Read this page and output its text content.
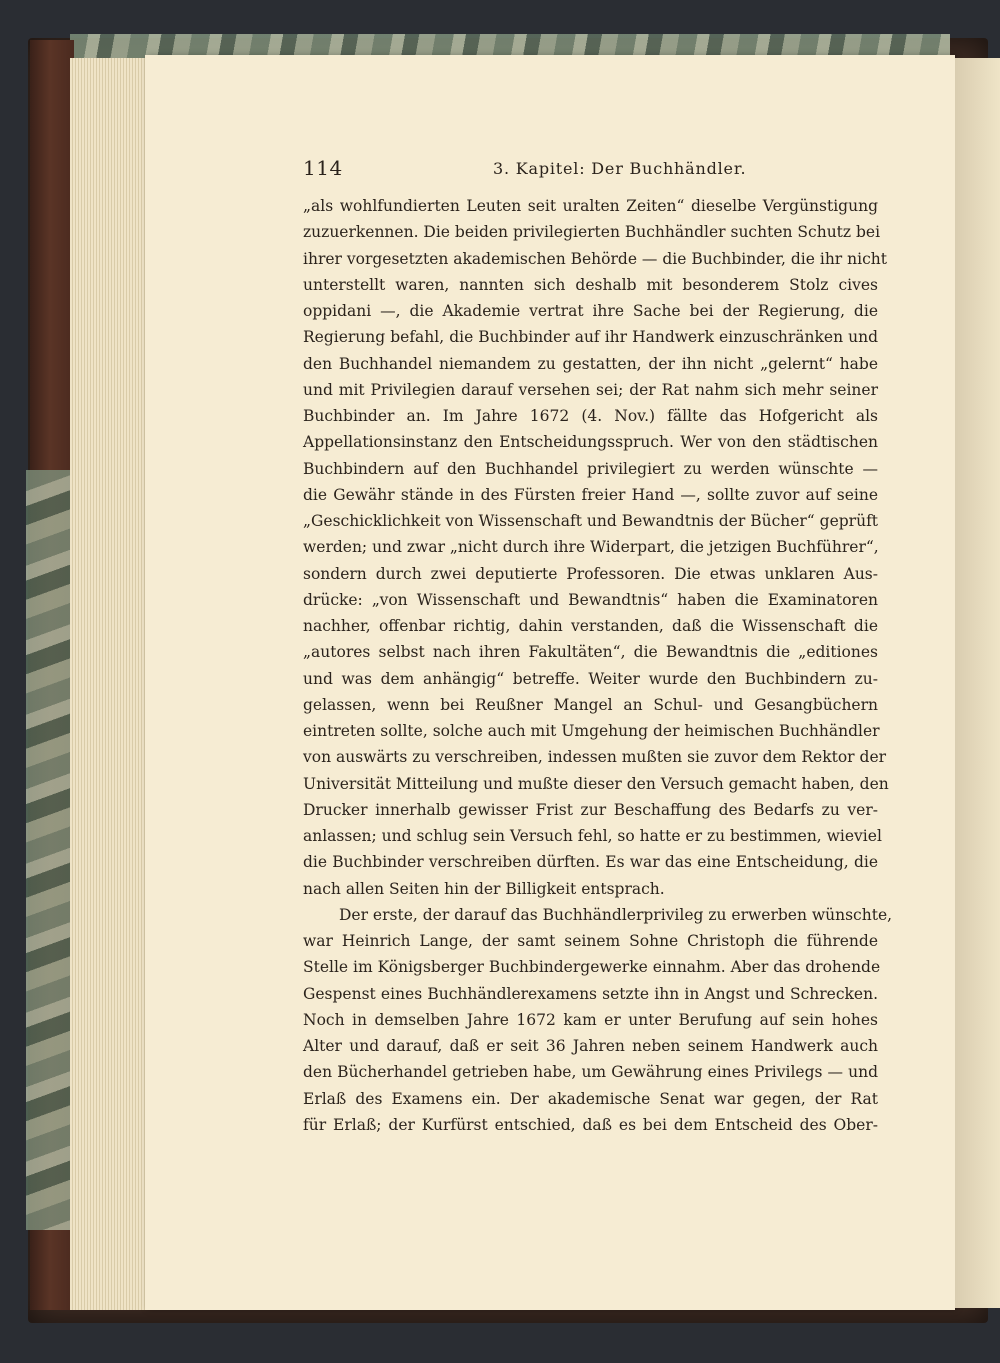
114	3. Kapitel: Der Buchhändler.
„als wohlfundierten Leuten seit uralten Zeiten“ dieselbe Vergünstigung
zuzuerkennen. Die beiden privilegierten Buchhändler suchten Schutz bei
ihrer vorgesetzten akademischen Behörde — die Buchbinder, die ihr nicht
unterstellt waren, nannten sich deshalb mit besonderem Stolz cives
oppidani —, die Akademie vertrat ihre Sache bei der Regierung, die
Regierung befahl, die Buchbinder auf ihr Handwerk einzuschränken und
den Buchhandel niemandem zu gestatten, der ihn nicht „gelernt“ habe
und mit Privilegien darauf versehen sei; der Rat nahm sich mehr seiner
Buchbinder an. Im Jahre 1672 (4. Nov.) fällte das Hofgericht als
Appellationsinstanz den Entscheidungsspruch. Wer von den städtischen
Buchbindern auf den Buchhandel privilegiert zu werden wünschte —
die Gewähr stände in des Fürsten freier Hand —, sollte zuvor auf seine
„Geschicklichkeit von Wissenschaft und Bewandtnis der Bücher“ geprüft
werden; und zwar „nicht durch ihre Widerpart, die jetzigen Buchführer“,
sondern durch zwei deputierte Professoren. Die etwas unklaren Aus-
drücke: „von Wissenschaft und Bewandtnis“ haben die Examinatoren
nachher, offenbar richtig, dahin verstanden, daß die Wissenschaft die
„autores selbst nach ihren Fakultäten“, die Bewandtnis die „editiones
und was dem anhängig“ betreffe. Weiter wurde den Buchbindern zu-
gelassen, wenn bei Reußner Mangel an Schul- und Gesangbüchern
eintreten sollte, solche auch mit Umgehung der heimischen Buchhändler
von auswärts zu verschreiben, indessen mußten sie zuvor dem Rektor der
Universität Mitteilung und mußte dieser den Versuch gemacht haben, den
Drucker innerhalb gewisser Frist zur Beschaffung des Bedarfs zu ver-
anlassen; und schlug sein Versuch fehl, so hatte er zu bestimmen, wieviel
die Buchbinder verschreiben dürften. Es war das eine Entscheidung, die
nach allen Seiten hin der Billigkeit entsprach.
Der erste, der darauf das Buchhändlerprivileg zu erwerben wünschte,
war Heinrich Lange, der samt seinem Sohne Christoph die führende
Stelle im Königsberger Buchbindergewerke einnahm. Aber das drohende
Gespenst eines Buchhändlerexamens setzte ihn in Angst und Schrecken.
Noch in demselben Jahre 1672 kam er unter Berufung auf sein hohes
Alter und darauf, daß er seit 36 Jahren neben seinem Handwerk auch
den Bücherhandel getrieben habe, um Gewährung eines Privilegs — und
Erlaß des Examens ein. Der akademische Senat war gegen, der Rat
für Erlaß; der Kurfürst entschied, daß es bei dem Entscheid des Ober-
